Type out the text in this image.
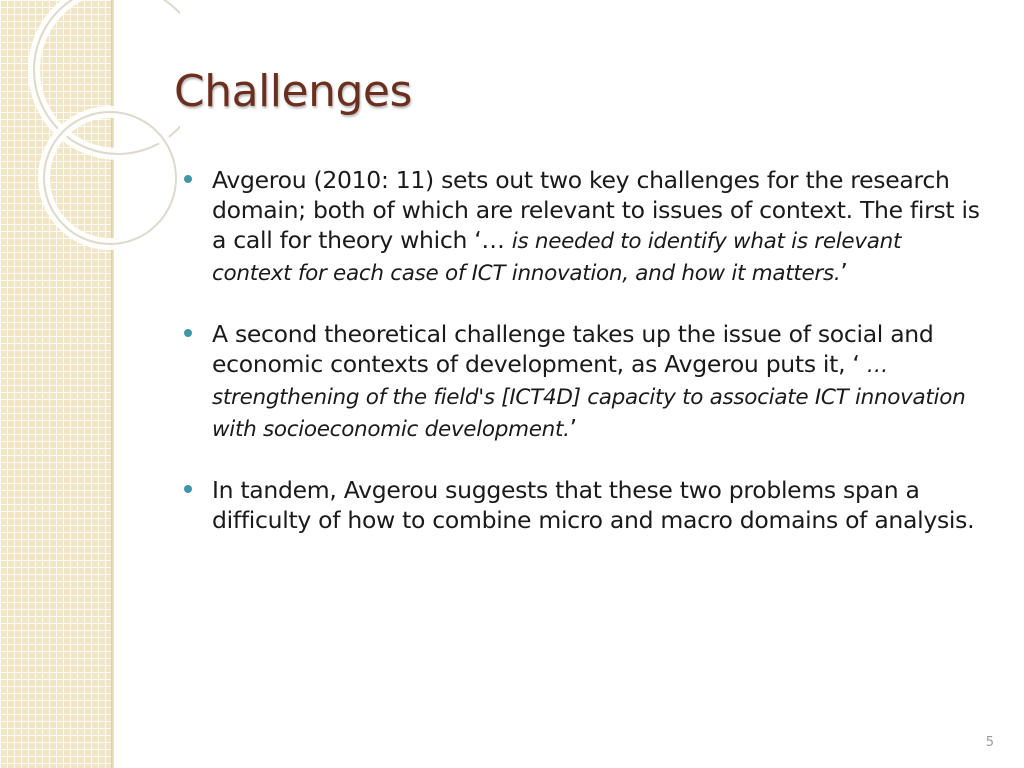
Challenges
Avgerou (2010: 11) sets out two key challenges for the research domain; both of which are relevant to issues of context. The first is a call for theory which ‘… is needed to identify what is relevant context for each case of ICT innovation, and how it matters.’
A second theoretical challenge takes up the issue of social and economic contexts of development, as Avgerou puts it, ‘ … strengthening of the field's [ICT4D] capacity to associate ICT innovation with socioeconomic development.’
In tandem, Avgerou suggests that these two problems span a difficulty of how to combine micro and macro domains of analysis.
5
